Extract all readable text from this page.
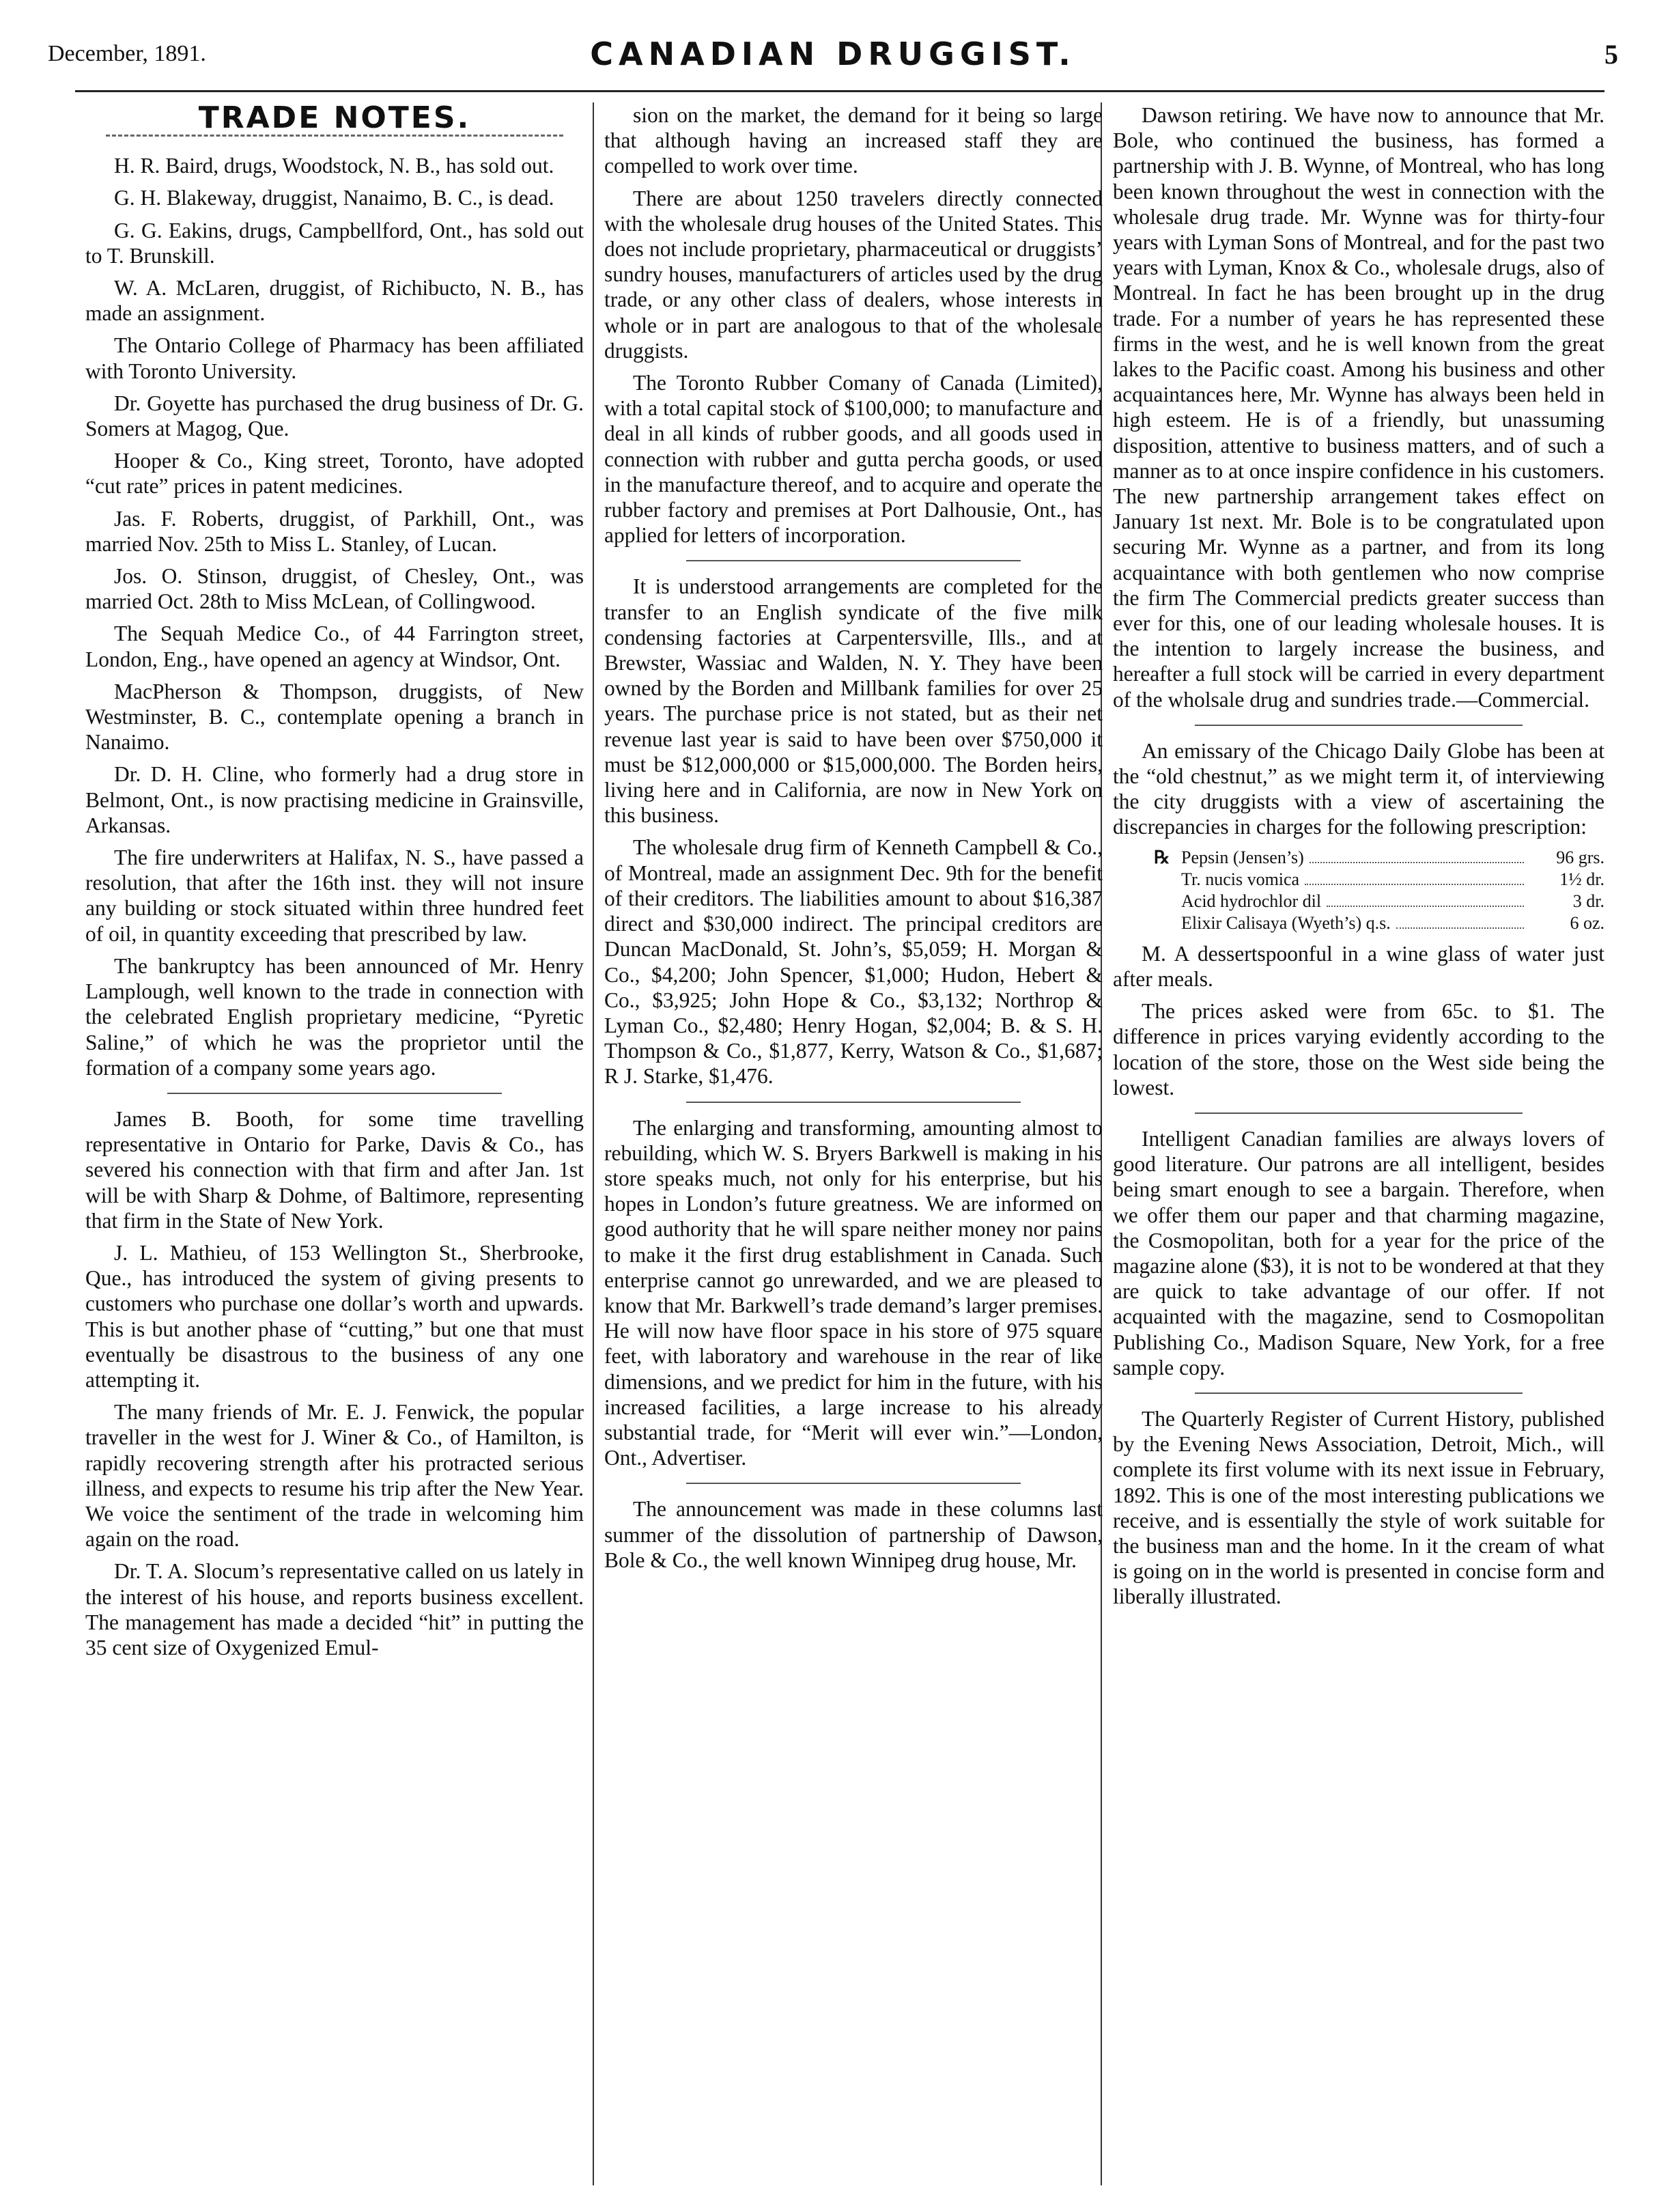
December, 1891.	CANADIAN DRUGGIST.	5
TRADE NOTES.

H. R. Baird, drugs, Woodstock, N. B., has sold out.

G. H. Blakeway, druggist, Nanaimo, B. C., is dead.

G. G. Eakins, drugs, Campbellford, Ont., has sold out to T. Brunskill.

W. A. McLaren, druggist, of Richibucto, N. B., has made an assignment.

The Ontario College of Pharmacy has been affiliated with Toronto University.

Dr. Goyette has purchased the drug business of Dr. G. Somers at Magog, Que.

Hooper & Co., King street, Toronto, have adopted “cut rate” prices in patent medicines.

Jas. F. Roberts, druggist, of Parkhill, Ont., was married Nov. 25th to Miss L. Stanley, of Lucan.

Jos. O. Stinson, druggist, of Chesley, Ont., was married Oct. 28th to Miss McLean, of Collingwood.

The Sequah Medice Co., of 44 Farrington street, London, Eng., have opened an agency at Windsor, Ont.

MacPherson & Thompson, druggists, of New Westminster, B. C., contemplate opening a branch in Nanaimo.

Dr. D. H. Cline, who formerly had a drug store in Belmont, Ont., is now practising medicine in Grainsville, Arkansas.

The fire underwriters at Halifax, N. S., have passed a resolution, that after the 16th inst. they will not insure any building or stock situated within three hundred feet of oil, in quantity exceeding that prescribed by law.

The bankruptcy has been announced of Mr. Henry Lamplough, well known to the trade in connection with the celebrated English proprietary medicine, “Pyretic Saline,” of which he was the proprietor until the formation of a company some years ago.

James B. Booth, for some time travelling representative in Ontario for Parke, Davis & Co., has severed his connection with that firm and after Jan. 1st will be with Sharp & Dohme, of Baltimore, representing that firm in the State of New York.

J. L. Mathieu, of 153 Wellington St., Sherbrooke, Que., has introduced the system of giving presents to customers who purchase one dollar’s worth and upwards. This is but another phase of “cutting,” but one that must eventually be disastrous to the business of any one attempting it.

The many friends of Mr. E. J. Fenwick, the popular traveller in the west for J. Winer & Co., of Hamilton, is rapidly recovering strength after his protracted serious illness, and expects to resume his trip after the New Year. We voice the sentiment of the trade in welcoming him again on the road.

Dr. T. A. Slocum’s representative called on us lately in the interest of his house, and reports business excellent. The management has made a decided “hit” in putting the 35 cent size of Oxygenized Emul-

sion on the market, the demand for it being so large that although having an increased staff they are compelled to work over time.

There are about 1250 travelers directly connected with the wholesale drug houses of the United States. This does not include proprietary, pharmaceutical or druggists’ sundry houses, manufacturers of articles used by the drug trade, or any other class of dealers, whose interests in whole or in part are analogous to that of the wholesale druggists.

The Toronto Rubber Comany of Canada (Limited), with a total capital stock of $100,000; to manufacture and deal in all kinds of rubber goods, and all goods used in connection with rubber and gutta percha goods, or used in the manufacture thereof, and to acquire and operate the rubber factory and premises at Port Dalhousie, Ont., has applied for letters of incorporation.

It is understood arrangements are completed for the transfer to an English syndicate of the five milk condensing factories at Carpentersville, Ills., and at Brewster, Wassiac and Walden, N. Y. They have been owned by the Borden and Millbank families for over 25 years. The purchase price is not stated, but as their net revenue last year is said to have been over $750,000 it must be $12,000,000 or $15,000,000. The Borden heirs, living here and in California, are now in New York on this business.

The wholesale drug firm of Kenneth Campbell & Co., of Montreal, made an assignment Dec. 9th for the benefit of their creditors. The liabilities amount to about $16,387 direct and $30,000 indirect. The principal creditors are Duncan MacDonald, St. John’s, $5,059; H. Morgan & Co., $4,200; John Spencer, $1,000; Hudon, Hebert & Co., $3,925; John Hope & Co., $3,132; Northrop & Lyman Co., $2,480; Henry Hogan, $2,004; B. & S. H. Thompson & Co., $1,877, Kerry, Watson & Co., $1,687; R J. Starke, $1,476.

The enlarging and transforming, amounting almost to rebuilding, which W. S. Bryers Barkwell is making in his store speaks much, not only for his enterprise, but his hopes in London’s future greatness. We are informed on good authority that he will spare neither money nor pains to make it the first drug establishment in Canada. Such enterprise cannot go unrewarded, and we are pleased to know that Mr. Barkwell’s trade demand’s larger premises. He will now have floor space in his store of 975 square feet, with laboratory and warehouse in the rear of like dimensions, and we predict for him in the future, with his increased facilities, a large increase to his already substantial trade, for “Merit will ever win.”—London, Ont., Advertiser.

The announcement was made in these columns last summer of the dissolution of partnership of Dawson, Bole & Co., the well known Winnipeg drug house, Mr.

Dawson retiring. We have now to announce that Mr. Bole, who continued the business, has formed a partnership with J. B. Wynne, of Montreal, who has long been known throughout the west in connection with the wholesale drug trade. Mr. Wynne was for thirty-four years with Lyman Sons of Montreal, and for the past two years with Lyman, Knox & Co., wholesale drugs, also of Montreal. In fact he has been brought up in the drug trade. For a number of years he has represented these firms in the west, and he is well known from the great lakes to the Pacific coast. Among his business and other acquaintances here, Mr. Wynne has always been held in high esteem. He is of a friendly, but unassuming disposition, attentive to business matters, and of such a manner as to at once inspire confidence in his customers. The new partnership arrangement takes effect on January 1st next. Mr. Bole is to be congratulated upon securing Mr. Wynne as a partner, and from its long acquaintance with both gentlemen who now comprise the firm The Commercial predicts greater success than ever for this, one of our leading wholesale houses. It is the intention to largely increase the business, and hereafter a full stock will be carried in every department of the wholsale drug and sundries trade.—Commercial.

An emissary of the Chicago Daily Globe has been at the “old chestnut,” as we might term it, of interviewing the city druggists with a view of ascertaining the discrepancies in charges for the following prescription:

℞ Pepsin (Jensen’s)	96 grs.
Tr. nucis vomica	1½ dr.
Acid hydrochlor dil	3 dr.
Elixir Calisaya (Wyeth’s) q.s.	6 oz.

M. A dessertspoonful in a wine glass of water just after meals.

The prices asked were from 65c. to $1. The difference in prices varying evidently according to the location of the store, those on the West side being the lowest.

Intelligent Canadian families are always lovers of good literature. Our patrons are all intelligent, besides being smart enough to see a bargain. Therefore, when we offer them our paper and that charming magazine, the Cosmopolitan, both for a year for the price of the magazine alone ($3), it is not to be wondered at that they are quick to take advantage of our offer. If not acquainted with the magazine, send to Cosmopolitan Publishing Co., Madison Square, New York, for a free sample copy.

The Quarterly Register of Current History, published by the Evening News Association, Detroit, Mich., will complete its first volume with its next issue in February, 1892. This is one of the most interesting publications we receive, and is essentially the style of work suitable for the business man and the home. In it the cream of what is going on in the world is presented in concise form and liberally illustrated.
